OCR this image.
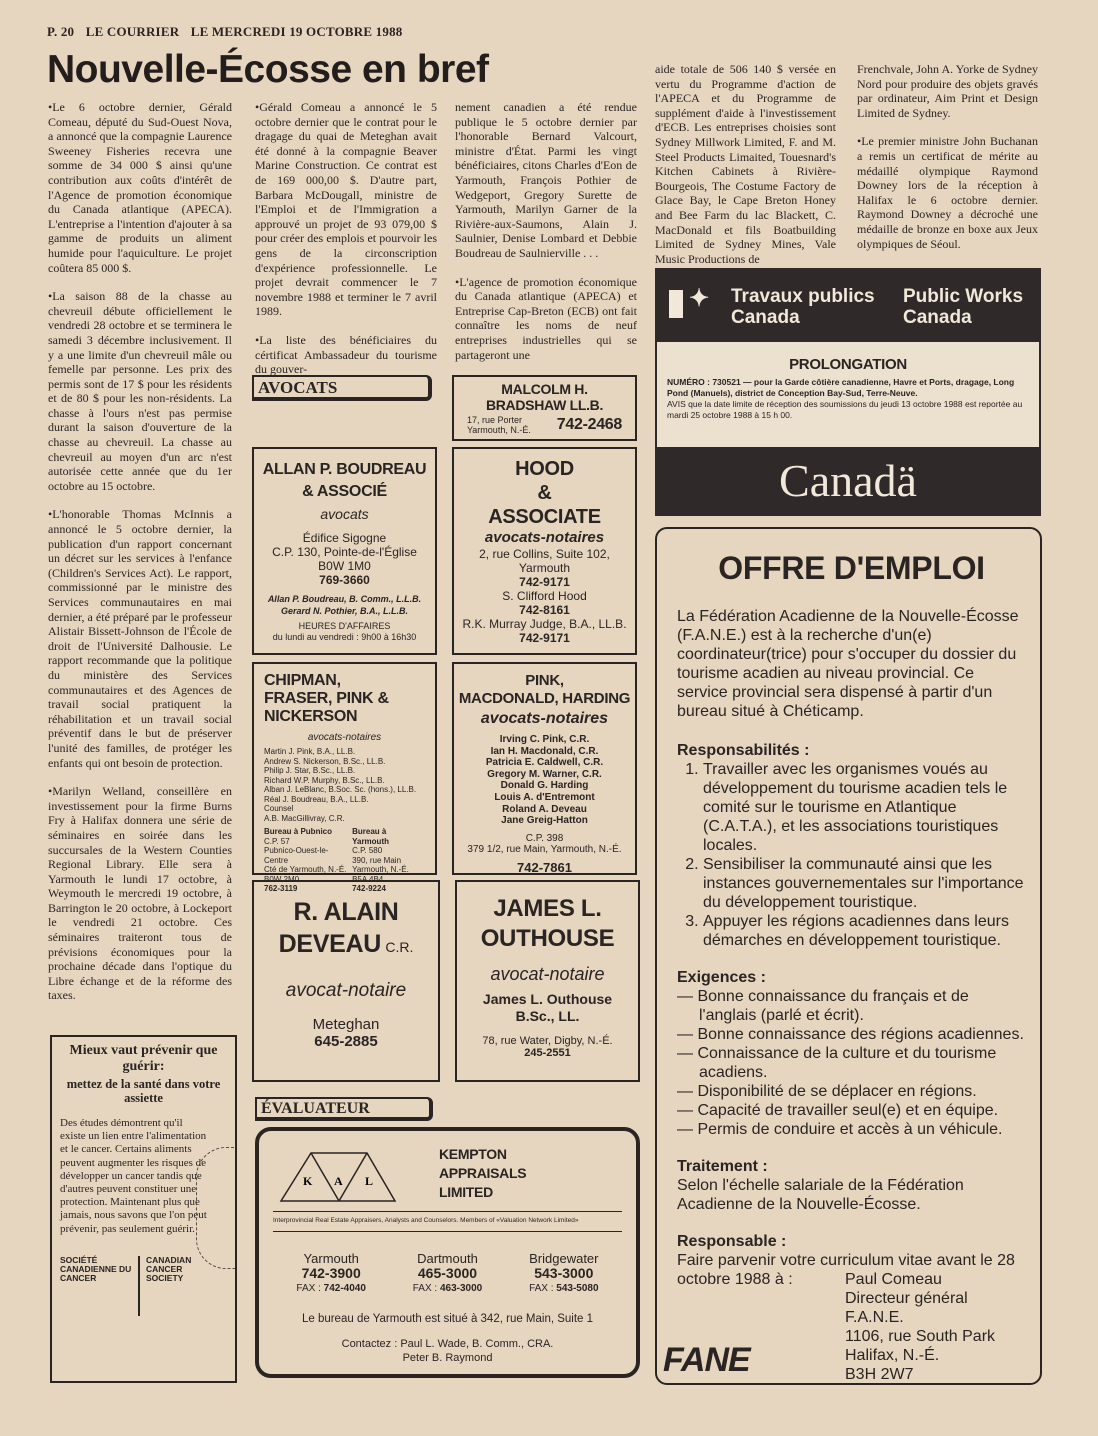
P. 20 LE COURRIER LE MERCREDI 19 OCTOBRE 1988
Nouvelle-Écosse en bref

•Le 6 octobre dernier, Gérald Comeau, député du Sud-Ouest Nova, a annoncé que la compagnie Laurence Sweeney Fisheries recevra une somme de 34 000 $ ainsi qu'une contribution aux coûts d'intérêt de l'Agence de promotion économique du Canada atlantique (APECA). L'entreprise a l'intention d'ajouter à sa gamme de produits un aliment humide pour l'aquiculture. Le projet coûtera 85 000 $.

•La saison 88 de la chasse au chevreuil débute officiellement le vendredi 28 octobre et se terminera le samedi 3 décembre inclusivement. Il y a une limite d'un chevreuil mâle ou femelle par personne. Les prix des permis sont de 17 $ pour les résidents et de 80 $ pour les non-résidents. La chasse à l'ours n'est pas permise durant la saison d'ouverture de la chasse au chevreuil. La chasse au chevreuil au moyen d'un arc n'est autorisée cette année que du 1er octobre au 15 octobre.

•L'honorable Thomas McInnis a annoncé le 5 octobre dernier, la publication d'un rapport concernant un décret sur les services à l'enfance (Children's Services Act). Le rapport, commissionné par le ministre des Services communautaires en mai dernier, a été préparé par le professeur Alistair Bissett-Johnson de l'École de droit de l'Université Dalhousie. Le rapport recommande que la politique du ministère des Services communautaires et des Agences de travail social pratiquent la réhabilitation et un travail social préventif dans le but de préserver l'unité des familles, de protéger les enfants qui ont besoin de protection.

•Marilyn Welland, conseillère en investissement pour la firme Burns Fry à Halifax donnera une série de séminaires en soirée dans les succursales de la Western Counties Regional Library. Elle sera à Yarmouth le lundi 17 octobre, à Weymouth le mercredi 19 octobre, à Barrington le 20 octobre, à Lockeport le vendredi 21 octobre. Ces séminaires traiteront tous de prévisions économiques pour la prochaine décade dans l'optique du Libre échange et de la réforme des taxes.

•Gérald Comeau a annoncé le 5 octobre dernier que le contrat pour le dragage du quai de Meteghan avait été donné à la compagnie Beaver Marine Construction. Ce contrat est de 169 000,00 $. D'autre part, Barbara McDougall, ministre de l'Emploi et de l'Immigration a approuvé un projet de 93 079,00 $ pour créer des emplois et pourvoir les gens de la circonscription d'expérience professionnelle. Le projet devrait commencer le 7 novembre 1988 et terminer le 7 avril 1989.

•La liste des bénéficiaires du cértificat Ambassadeur du tourisme du gouver-

nement canadien a été rendue publique le 5 octobre dernier par l'honorable Bernard Valcourt, ministre d'État. Parmi les vingt bénéficiaires, citons Charles d'Eon de Yarmouth, François Pothier de Wedgeport, Gregory Surette de Yarmouth, Marilyn Garner de la Rivière-aux-Saumons, Alain J. Saulnier, Denise Lombard et Debbie Boudreau de Saulnierville . . .

•L'agence de promotion économique du Canada atlantique (APECA) et Entreprise Cap-Breton (ECB) ont fait connaître les noms de neuf entreprises industrielles qui se partageront une

aide totale de 506 140 $ versée en vertu du Programme d'action de l'APECA et du Programme de supplément d'aide à l'investissement d'ECB. Les entreprises choisies sont Sydney Millwork Limited, F. and M. Steel Products Limaited, Touesnard's Kitchen Cabinets à Rivière-Bourgeois, The Costume Factory de Glace Bay, le Cape Breton Honey and Bee Farm du lac Blackett, C. MacDonald et fils Boatbuilding Limited de Sydney Mines, Vale Music Productions de

Frenchvale, John A. Yorke de Sydney Nord pour produire des objets gravés par ordinateur, Aim Print et Design Limited de Sydney.

•Le premier ministre John Buchanan a remis un certificat de mérite au médaillé olympique Raymond Downey lors de la réception à Halifax le 6 octobre dernier. Raymond Downey a décroché une médaille de bronze en boxe aux Jeux olympiques de Séoul.

AVOCATS	MALCOLM H.
BRADSHAW LL.B.
17, rue Porter
Yarmouth, N.-É. 742-2468
ALLAN P. BOUDREAU
& ASSOCIÉ
avocats
Édifice Sigogne
C.P. 130, Pointe-de-l'Église
B0W 1M0
769-3660
Allan P. Boudreau, B. Comm., L.L.B.
Gerard N. Pothier, B.A., L.L.B.
HEURES D'AFFAIRES
du lundi au vendredi : 9h00 à 16h30
HOOD
&
ASSOCIATE
avocats-notaires
2, rue Collins, Suite 102,
Yarmouth
742-9171
S. Clifford Hood
742-8161
R.K. Murray Judge, B.A., LL.B.
742-9171
CHIPMAN,
FRASER, PINK &
NICKERSON
avocats-notaires
Martin J. Pink, B.A., LL.B.
Andrew S. Nickerson, B.Sc., LL.B.
Philip J. Star, B.Sc., LL.B.
Richard W.P. Murphy, B.Sc., LL.B.
Alban J. LeBlanc, B.Soc. Sc. (hons.), LL.B.
Réal J. Boudreau, B.A., LL.B.
Counsel
A.B. MacGillivray, C.R.
Bureau à Pubnico
C.P. 57
Pubnico-Ouest-le-Centre
Cté de Yarmouth, N.-É.
B0W 2M0
762-3119
Bureau à Yarmouth
C.P. 580
390, rue Main
Yarmouth, N.-É.
B5A 4B4
742-9224
PINK,
MACDONALD, HARDING
avocats-notaires
Irving C. Pink, C.R.
Ian H. Macdonald, C.R.
Patricia E. Caldwell, C.R.
Gregory M. Warner, C.R.
Donald G. Harding
Louis A. d'Entremont
Roland A. Deveau
Jane Greig-Hatton
C.P. 398
379 1/2, rue Main, Yarmouth, N.-É.
742-7861
R. ALAIN
DEVEAU C.R.
avocat-notaire
Meteghan
645-2885
JAMES L.
OUTHOUSE
avocat-notaire
James L. Outhouse
B.Sc., LL.
78, rue Water, Digby, N.-É.
245-2551
Mieux vaut prévenir que guérir:
mettez de la santé dans votre assiette
Des études démontrent qu'il existe un lien entre l'alimentation et le cancer. Certains aliments peuvent augmenter les risques de développer un cancer tandis que d'autres peuvent constituer une protection. Maintenant plus que jamais, nous savons que l'on peut prévenir, pas seulement guérir.
SOCIÉTÉ CANADIENNE DU CANCER
CANADIAN CANCER SOCIETY
ÉVALUATEUR
K A L
KEMPTON
APPRAISALS
LIMITED
Interprovincial Real Estate Appraisers, Analysts and Counselors. Members of «Valuation Network Limited»
Yarmouth
742-3900
FAX : 742-4040
Dartmouth
465-3000
FAX : 463-3000
Bridgewater
543-3000
FAX : 543-5080
Le bureau de Yarmouth est situé à 342, rue Main, Suite 1
Contactez : Paul L. Wade, B. Comm., CRA.
Peter B. Raymond
✦ Travaux publics
Canada
Public Works
Canada
PROLONGATION
NUMÉRO : 730521 — pour la Garde côtière canadienne, Havre et Ports, dragage, Long Pond (Manuels), district de Conception Bay-Sud, Terre-Neuve.
AVIS que la date limite de réception des soumissions du jeudi 13 octobre 1988 est reportée au mardi 25 octobre 1988 à 15 h 00.
Canadä
OFFRE D'EMPLOI
La Fédération Acadienne de la Nouvelle-Écosse (F.A.N.E.) est à la recherche d'un(e) coordinateur(trice) pour s'occuper du dossier du tourisme acadien au niveau provincial. Ce service provincial sera dispensé à partir d'un bureau situé à Chéticamp.
Responsabilités :
1. Travailler avec les organismes voués au développement du tourisme acadien tels le comité sur le tourisme en Atlantique (C.A.T.A.), et les associations touristiques locales.
2. Sensibiliser la communauté ainsi que les instances gouvernementales sur l'importance du développement touristique.
3. Appuyer les régions acadiennes dans leurs démarches en développement touristique.
Exigences :
— Bonne connaissance du français et de l'anglais (parlé et écrit).
— Bonne connaissance des régions acadiennes.
— Connaissance de la culture et du tourisme acadiens.
— Disponibilité de se déplacer en régions.
— Capacité de travailler seul(e) et en équipe.
— Permis de conduire et accès à un véhicule.
Traitement :
Selon l'échelle salariale de la Fédération Acadienne de la Nouvelle-Écosse.
Responsable :
Faire parvenir votre curriculum vitae avant le 28
octobre 1988 à :	Paul Comeau
Directeur général
F.A.N.E.
1106, rue South Park
Halifax, N.-É.
B3H 2W7
FANE
